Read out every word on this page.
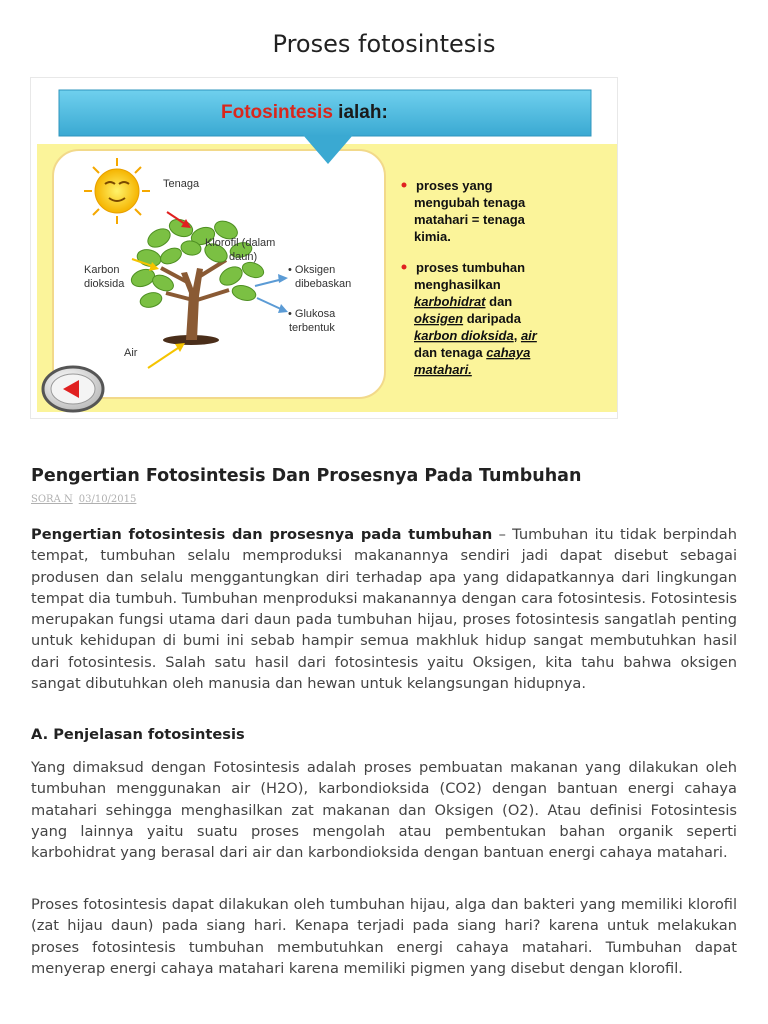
Proses fotosintesis
Fotosintesis ialah:
Tenaga
Klorofil (dalam
daun)
Karbon
dioksida
• Oksigen
dibebaskan
• Glukosa
terbentuk
Air
proses yang
mengubah tenaga
matahari = tenaga
kimia.
proses tumbuhan
menghasilkan
karbohidrat dan
oksigen daripada
karbon dioksida, air
dan tenaga cahaya
matahari.
Pengertian Fotosintesis Dan Prosesnya Pada Tumbuhan
SORA N 03/10/2015
Pengertian fotosintesis dan prosesnya pada tumbuhan – Tumbuhan itu tidak berpindah tempat, tumbuhan selalu memproduksi makanannya sendiri jadi dapat disebut sebagai produsen dan selalu menggantungkan diri terhadap apa yang didapatkannya dari lingkungan tempat dia tumbuh. Tumbuhan menproduksi makanannya dengan cara fotosintesis. Fotosintesis merupakan fungsi utama dari daun pada tumbuhan hijau, proses fotosintesis sangatlah penting untuk kehidupan di bumi ini sebab hampir semua makhluk hidup sangat membutuhkan hasil dari fotosintesis. Salah satu hasil dari fotosintesis yaitu Oksigen, kita tahu bahwa oksigen sangat dibutuhkan oleh manusia dan hewan untuk kelangsungan hidupnya.
A. Penjelasan fotosintesis
Yang dimaksud dengan Fotosintesis adalah proses pembuatan makanan yang dilakukan oleh tumbuhan menggunakan air (H2O), karbondioksida (CO2) dengan bantuan energi cahaya matahari sehingga menghasilkan zat makanan dan Oksigen (O2). Atau definisi Fotosintesis yang lainnya yaitu suatu proses mengolah atau pembentukan bahan organik seperti karbohidrat yang berasal dari air dan karbondioksida dengan bantuan energi cahaya matahari.
Proses fotosintesis dapat dilakukan oleh tumbuhan hijau, alga dan bakteri yang memiliki klorofil (zat hijau daun) pada siang hari. Kenapa terjadi pada siang hari? karena untuk melakukan proses fotosintesis tumbuhan membutuhkan energi cahaya matahari. Tumbuhan dapat menyerap energi cahaya matahari karena memiliki pigmen yang disebut dengan klorofil.
